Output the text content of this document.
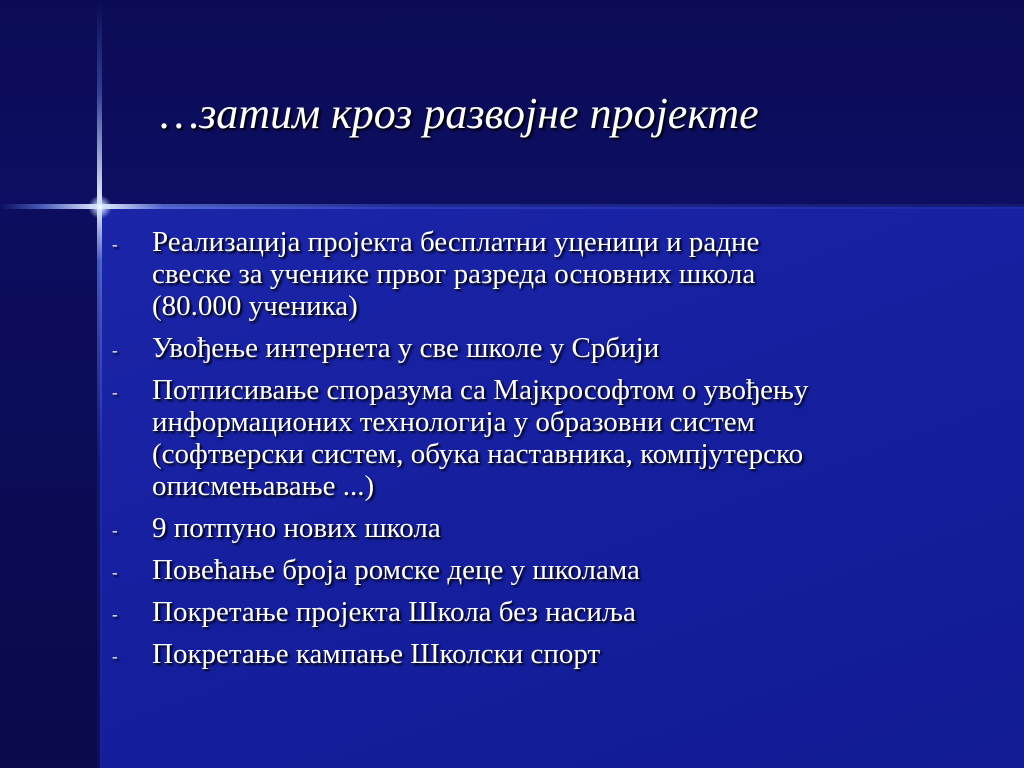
…затим кроз развојне пројекте
- Реализација пројекта бесплатни уценици и радне
свеске за ученике првог разреда основних школа
(80.000 ученика)
- Увођење интернета у све школе у Србији
- Потписивање споразума са Мајкрософтом о увођењу
информационих технологија у образовни систем
(софтверски систем, обука наставника, компјутерско
описмењавање ...)
- 9 потпуно нових школа
- Повећање броја ромске деце у школама
- Покретање пројекта Школа без насиља
- Покретање кампање Школски спорт
